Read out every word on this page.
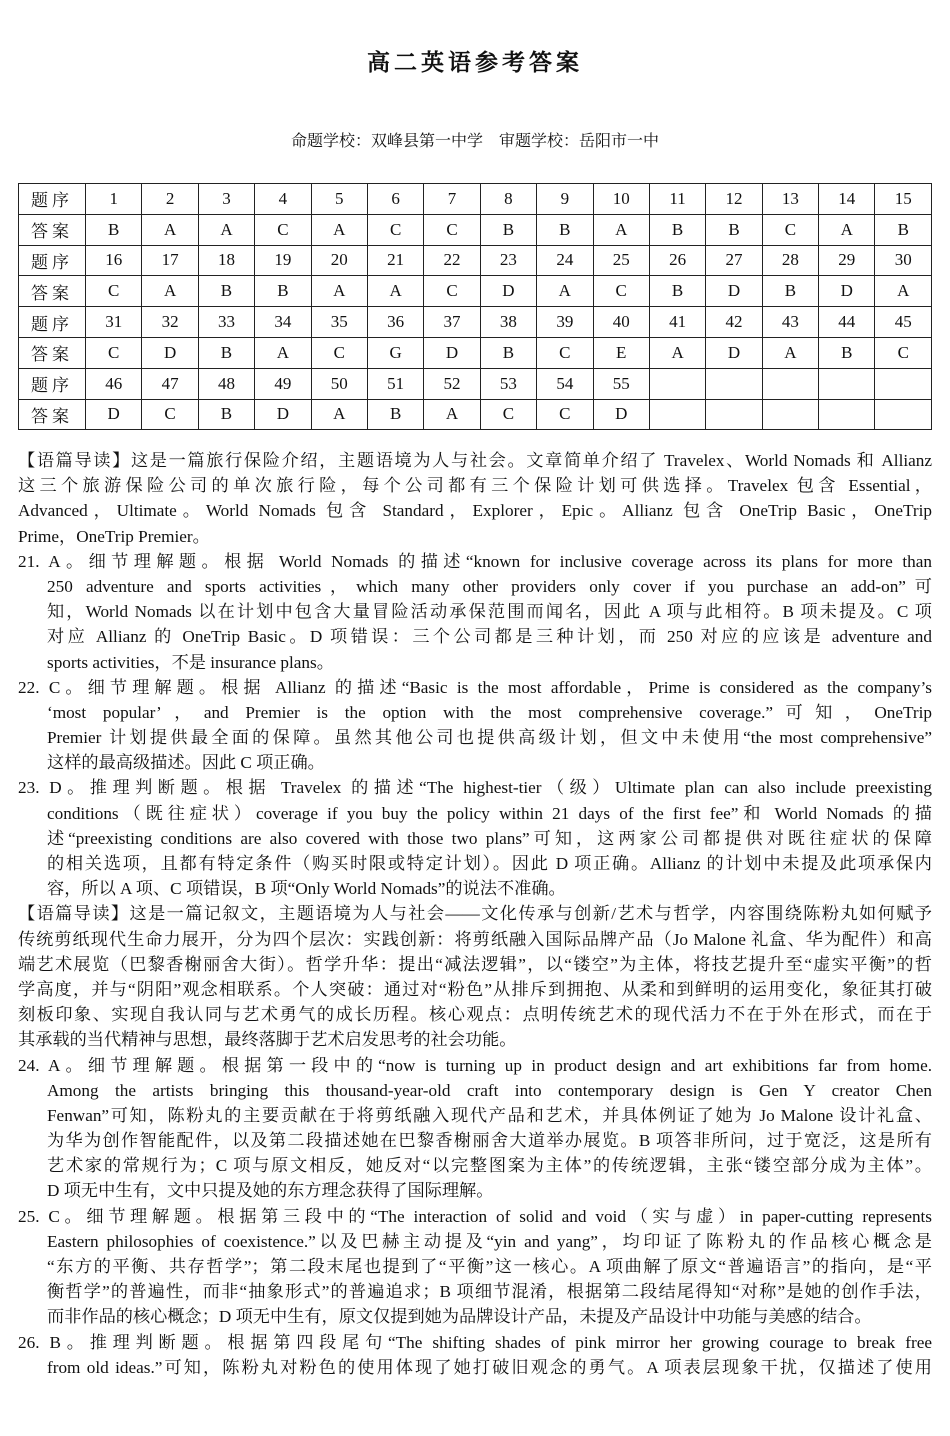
高二英语参考答案
命题学校：双峰县第一中学　审题学校：岳阳市一中
题序	1	2	3	4	5	6	7	8	9	10	11	12	13	14	15
答案	B	A	A	C	A	C	C	B	B	A	B	B	C	A	B
题序	16	17	18	19	20	21	22	23	24	25	26	27	28	29	30
答案	C	A	B	B	A	A	C	D	A	C	B	D	B	D	A
题序	31	32	33	34	35	36	37	38	39	40	41	42	43	44	45
答案	C	D	B	A	C	G	D	B	C	E	A	D	A	B	C
题序	46	47	48	49	50	51	52	53	54	55					
答案	D	C	B	D	A	B	A	C	C	D					
【语篇导读】这是一篇旅行保险介绍，主题语境为人与社会。文章简单介绍了 Travelex、World Nomads 和 Allianz
这三个旅游保险公司的单次旅行险，每个公司都有三个保险计划可供选择。Travelex 包含 Essential，
Advanced，Ultimate。World Nomads 包含 Standard，Explorer，Epic。Allianz 包含 OneTrip Basic，OneTrip
Prime，OneTrip Premier。
21. A。细节理解题。根据 World Nomads 的描述“known for inclusive coverage across its plans for more than
250 adventure and sports activities，which many other providers only cover if you purchase an add-on”可
知，World Nomads 以在计划中包含大量冒险活动承保范围而闻名，因此 A 项与此相符。B 项未提及。C 项
对应 Allianz 的 OneTrip Basic。D 项错误：三个公司都是三种计划，而 250 对应的应该是 adventure and
sports activities，不是 insurance plans。
22. C。细节理解题。根据 Allianz 的描述“Basic is the most affordable，Prime is considered as the company’s
‘most popular’，and Premier is the option with the most comprehensive coverage.”可知，OneTrip
Premier 计划提供最全面的保障。虽然其他公司也提供高级计划，但文中未使用“the most comprehensive”
这样的最高级描述。因此 C 项正确。
23. D。推理判断题。根据 Travelex 的描述“The highest-tier（级）Ultimate plan can also include preexisting
conditions（既往症状）coverage if you buy the policy within 21 days of the first fee”和 World Nomads 的描
述“preexisting conditions are also covered with those two plans”可知，这两家公司都提供对既往症状的保障
的相关选项，且都有特定条件（购买时限或特定计划）。因此 D 项正确。Allianz 的计划中未提及此项承保内
容，所以 A 项、C 项错误，B 项“Only World Nomads”的说法不准确。
【语篇导读】这是一篇记叙文，主题语境为人与社会——文化传承与创新/艺术与哲学，内容围绕陈粉丸如何赋予
传统剪纸现代生命力展开，分为四个层次：实践创新：将剪纸融入国际品牌产品（Jo Malone 礼盒、华为配件）和高
端艺术展览（巴黎香榭丽舍大街）。哲学升华：提出“减法逻辑”，以“镂空”为主体，将技艺提升至“虚实平衡”的哲
学高度，并与“阴阳”观念相联系。个人突破：通过对“粉色”从排斥到拥抱、从柔和到鲜明的运用变化，象征其打破
刻板印象、实现自我认同与艺术勇气的成长历程。核心观点：点明传统艺术的现代活力不在于外在形式，而在于
其承载的当代精神与思想，最终落脚于艺术启发思考的社会功能。
24. A。细节理解题。根据第一段中的“now is turning up in product design and art exhibitions far from home.
Among the artists bringing this thousand-year-old craft into contemporary design is Gen Y creator Chen
Fenwan”可知，陈粉丸的主要贡献在于将剪纸融入现代产品和艺术，并具体例证了她为 Jo Malone 设计礼盒、
为华为创作智能配件，以及第二段描述她在巴黎香榭丽舍大道举办展览。B 项答非所问，过于宽泛，这是所有
艺术家的常规行为；C 项与原文相反，她反对“以完整图案为主体”的传统逻辑，主张“镂空部分成为主体”。
D 项无中生有，文中只提及她的东方理念获得了国际理解。
25. C。细节理解题。根据第三段中的“The interaction of solid and void（实与虚）in paper-cutting represents
Eastern philosophies of coexistence.”以及巴赫主动提及“yin and yang”，均印证了陈粉丸的作品核心概念是
“东方的平衡、共存哲学”；第二段末尾也提到了“平衡”这一核心。A 项曲解了原文“普遍语言”的指向，是“平
衡哲学”的普遍性，而非“抽象形式”的普遍追求；B 项细节混淆，根据第二段结尾得知“对称”是她的创作手法，
而非作品的核心概念；D 项无中生有，原文仅提到她为品牌设计产品，未提及产品设计中功能与美感的结合。
26. B。推理判断题。根据第四段尾句“The shifting shades of pink mirror her growing courage to break free
from old ideas.”可知，陈粉丸对粉色的使用体现了她打破旧观念的勇气。A 项表层现象干扰，仅描述了使用
